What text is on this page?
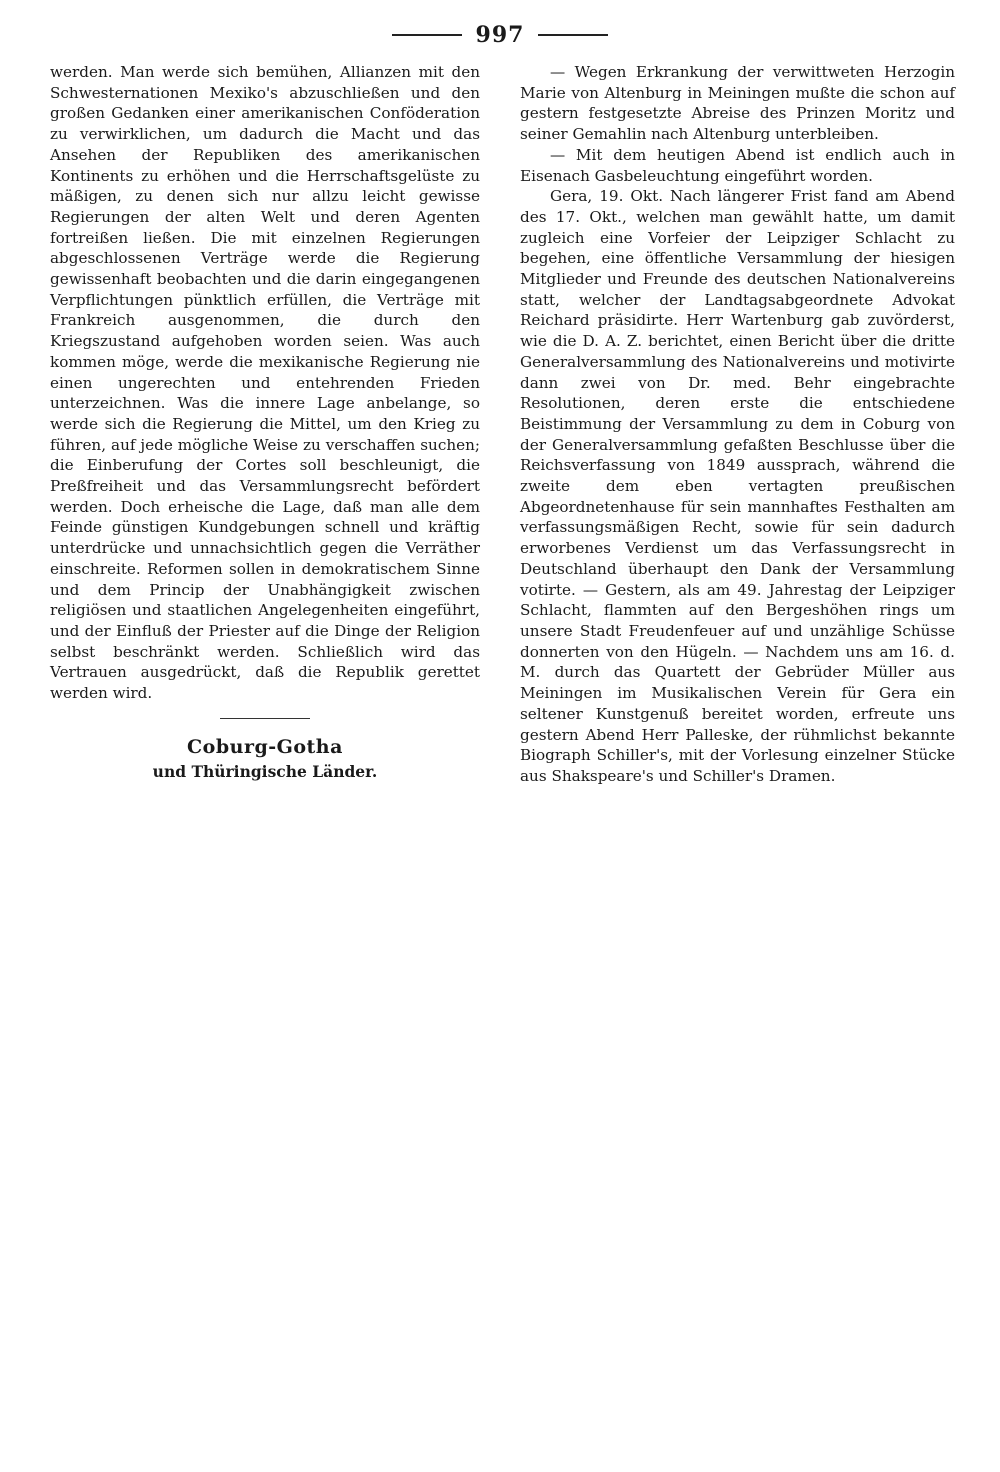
997

werden. Man werde sich bemühen, Allianzen mit den Schwesternationen Mexiko's abzuschließen und den großen Gedanken einer amerikanischen Conföderation zu verwirklichen, um dadurch die Macht und das Ansehen der Republiken des amerikanischen Kontinents zu erhöhen und die Herrschaftsgelüste zu mäßigen, zu denen sich nur allzu leicht gewisse Regierungen der alten Welt und deren Agenten fortreißen ließen. Die mit einzelnen Regierungen abgeschlossenen Verträge werde die Regierung gewissenhaft beobachten und die darin eingegangenen Verpflichtungen pünktlich erfüllen, die Verträge mit Frankreich ausgenommen, die durch den Kriegszustand aufgehoben worden seien. Was auch kommen möge, werde die mexikanische Regierung nie einen ungerechten und entehrenden Frieden unterzeichnen. Was die innere Lage anbelange, so werde sich die Regierung die Mittel, um den Krieg zu führen, auf jede mögliche Weise zu verschaffen suchen; die Einberufung der Cortes soll beschleunigt, die Preßfreiheit und das Versammlungsrecht befördert werden. Doch erheische die Lage, daß man alle dem Feinde günstigen Kundgebungen schnell und kräftig unterdrücke und unnachsichtlich gegen die Verräther einschreite. Reformen sollen in demokratischem Sinne und dem Princip der Unabhängigkeit zwischen religiösen und staatlichen Angelegenheiten eingeführt, und der Einfluß der Priester auf die Dinge der Religion selbst beschränkt werden. Schließlich wird das Vertrauen ausgedrückt, daß die Republik gerettet werden wird.

Coburg-Gotha
und Thüringische Länder.

— Wegen Erkrankung der verwittweten Herzogin Marie von Altenburg in Meiningen mußte die schon auf gestern festgesetzte Abreise des Prinzen Moritz und seiner Gemahlin nach Altenburg unterbleiben.

— Mit dem heutigen Abend ist endlich auch in Eisenach Gasbeleuchtung eingeführt worden.

Gera, 19. Okt. Nach längerer Frist fand am Abend des 17. Okt., welchen man gewählt hatte, um damit zugleich eine Vorfeier der Leipziger Schlacht zu begehen, eine öffentliche Versammlung der hiesigen Mitglieder und Freunde des deutschen Nationalvereins statt, welcher der Landtagsabgeordnete Advokat Reichard präsidirte. Herr Wartenburg gab zuvörderst, wie die D. A. Z. berichtet, einen Bericht über die dritte Generalversammlung des Nationalvereins und motivirte dann zwei von Dr. med. Behr eingebrachte Resolutionen, deren erste die entschiedene Beistimmung der Versammlung zu dem in Coburg von der Generalversammlung gefaßten Beschlusse über die Reichsverfassung von 1849 aussprach, während die zweite dem eben vertagten preußischen Abgeordnetenhause für sein mannhaftes Festhalten am verfassungsmäßigen Recht, sowie für sein dadurch erworbenes Verdienst um das Verfassungsrecht in Deutschland überhaupt den Dank der Versammlung votirte. — Gestern, als am 49. Jahrestag der Leipziger Schlacht, flammten auf den Bergeshöhen rings um unsere Stadt Freudenfeuer auf und unzählige Schüsse donnerten von den Hügeln. — Nachdem uns am 16. d. M. durch das Quartett der Gebrüder Müller aus Meiningen im Musikalischen Verein für Gera ein seltener Kunstgenuß bereitet worden, erfreute uns gestern Abend Herr Palleske, der rühmlichst bekannte Biograph Schiller's, mit der Vorlesung einzelner Stücke aus Shakspeare's und Schiller's Dramen.
